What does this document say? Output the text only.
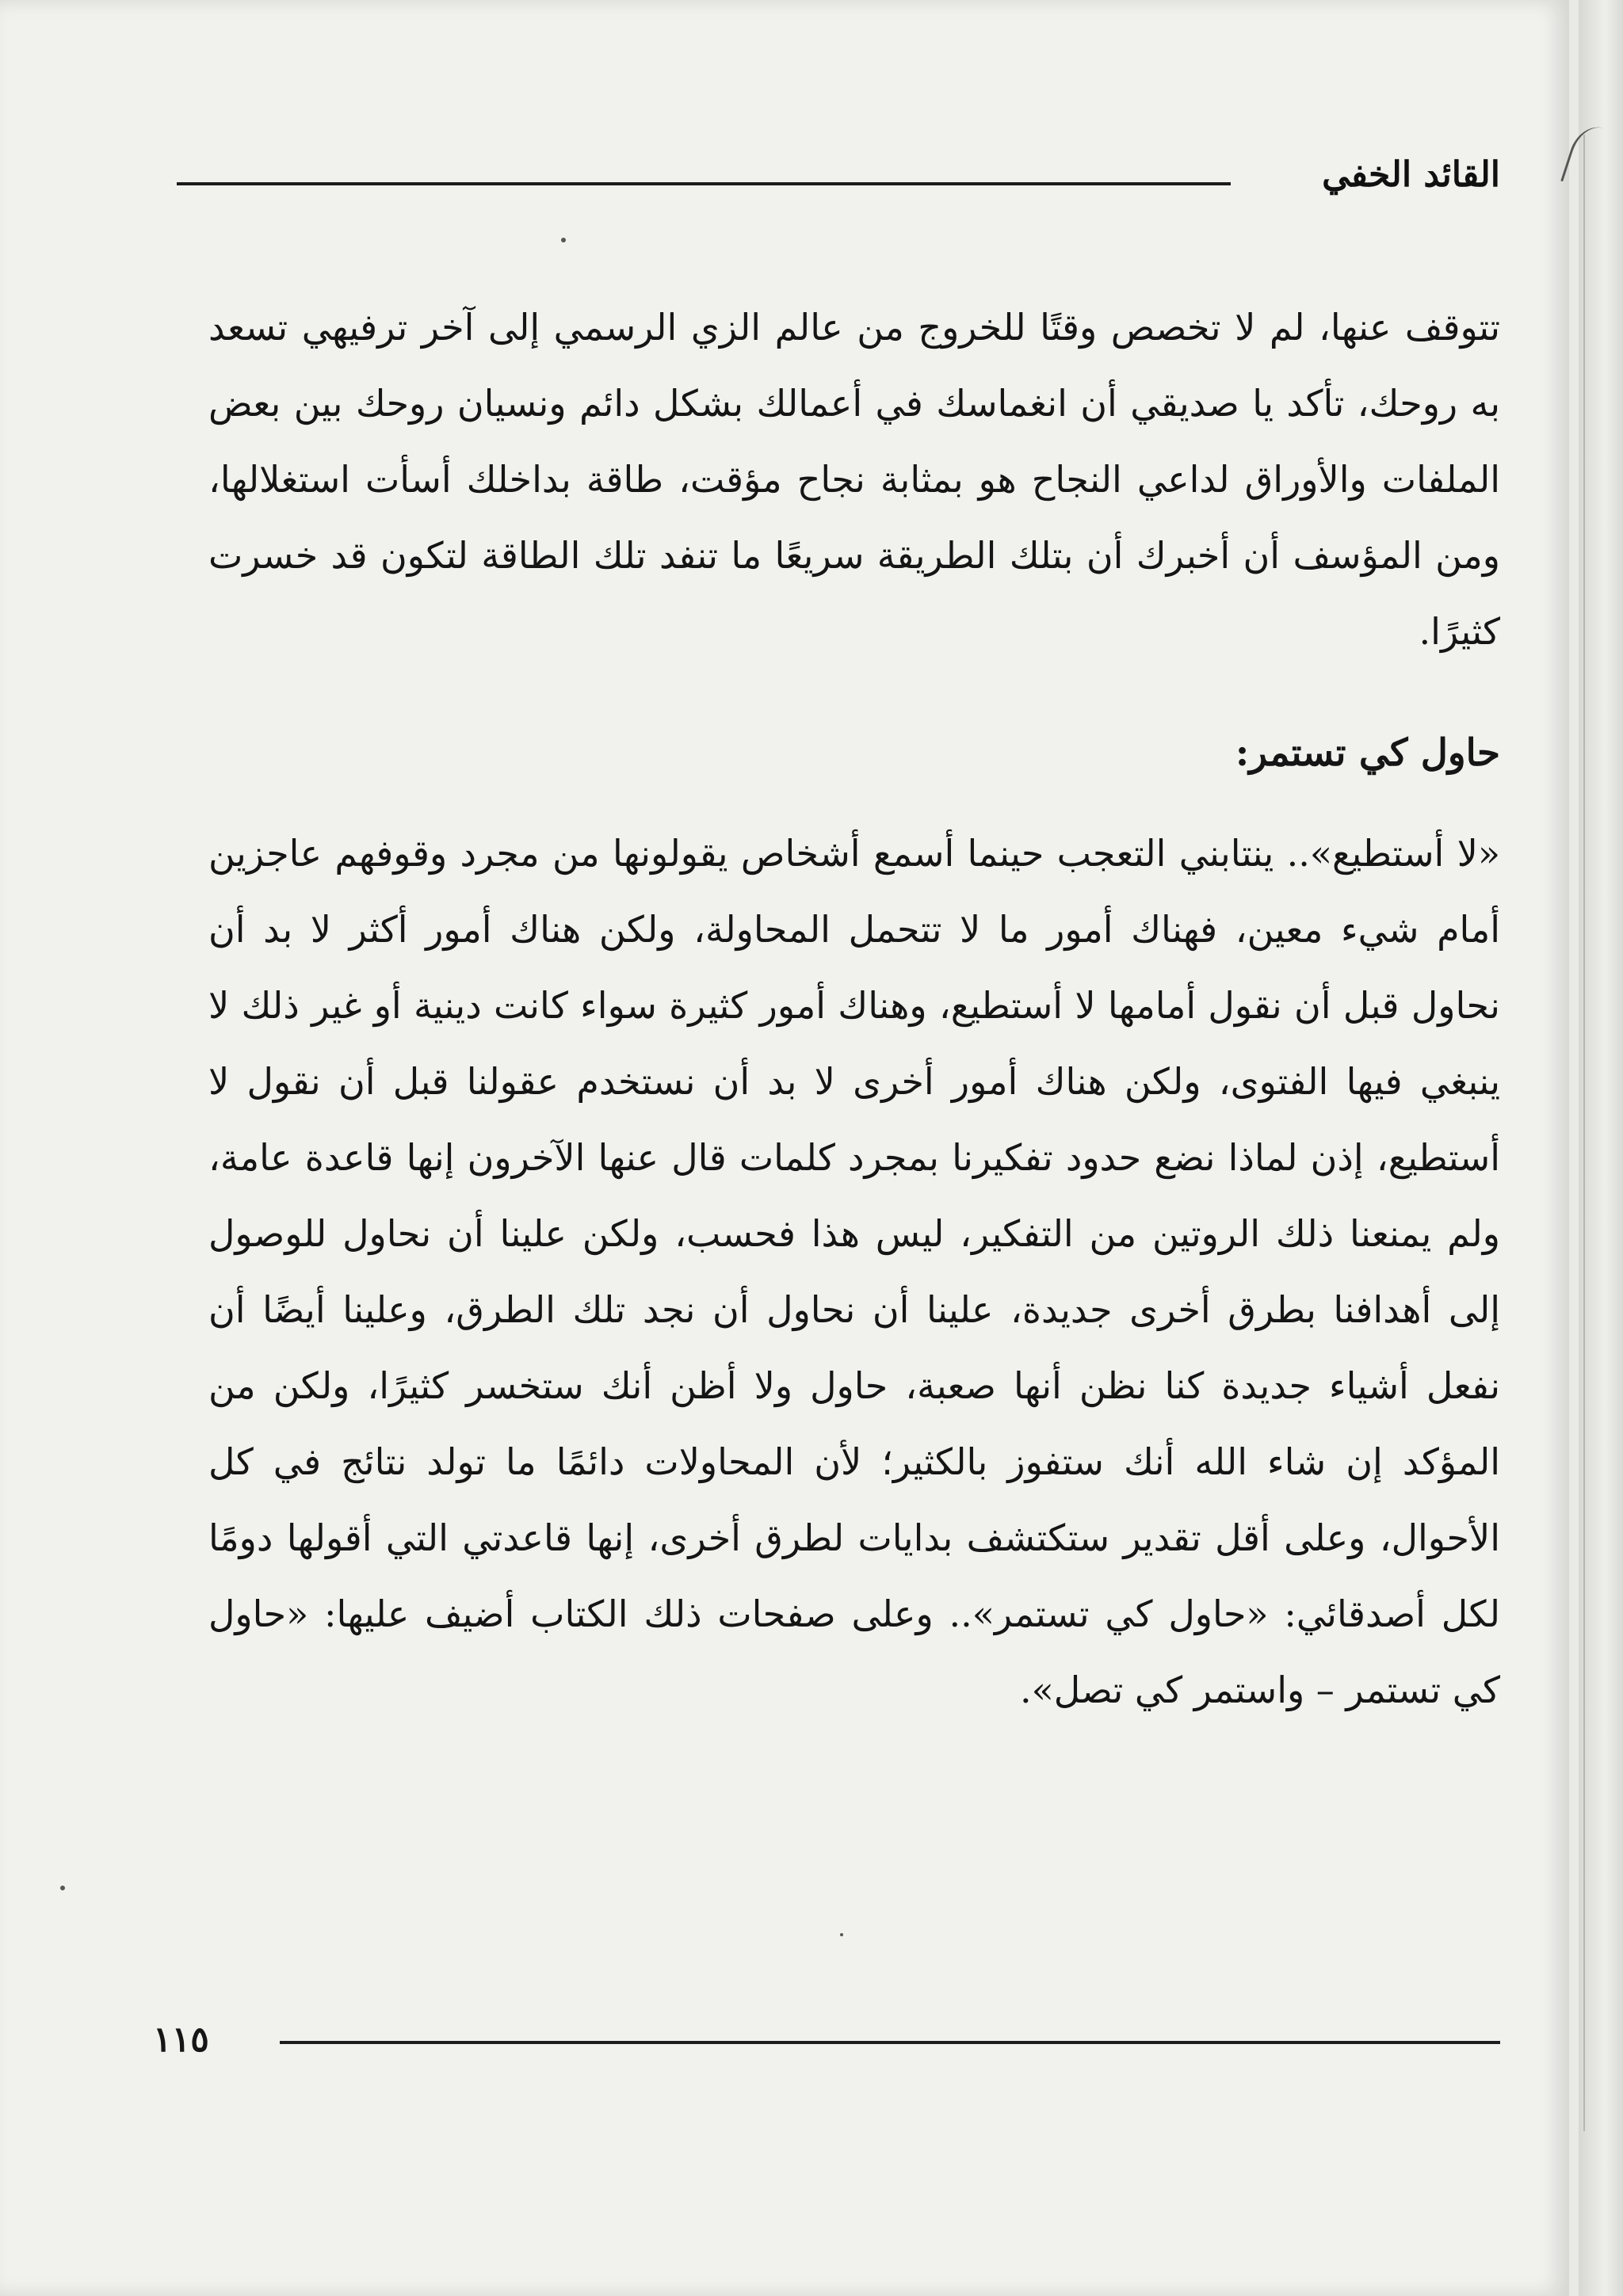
القائد الخفي

تتوقف عنها، لم لا تخصص وقتًا للخروج من عالم الزي الرسمي إلى آخر ترفيهي تسعد به روحك، تأكد يا صديقي أن انغماسك في أعمالك بشكل دائم ونسيان روحك بين بعض الملفات والأوراق لداعي النجاح هو بمثابة نجاح مؤقت، طاقة بداخلك أسأت استغلالها، ومن المؤسف أن أخبرك أن بتلك الطريقة سريعًا ما تنفد تلك الطاقة لتكون قد خسرت كثيرًا.

حاول كي تستمر:

«لا أستطيع».. ينتابني التعجب حينما أسمع أشخاص يقولونها من مجرد وقوفهم عاجزين أمام شيء معين، فهناك أمور ما لا تتحمل المحاولة، ولكن هناك أمور أكثر لا بد أن نحاول قبل أن نقول أمامها لا أستطيع، وهناك أمور كثيرة سواء كانت دينية أو غير ذلك لا ينبغي فيها الفتوى، ولكن هناك أمور أخرى لا بد أن نستخدم عقولنا قبل أن نقول لا أستطيع، إذن لماذا نضع حدود تفكيرنا بمجرد كلمات قال عنها الآخرون إنها قاعدة عامة، ولم يمنعنا ذلك الروتين من التفكير، ليس هذا فحسب، ولكن علينا أن نحاول للوصول إلى أهدافنا بطرق أخرى جديدة، علينا أن نحاول أن نجد تلك الطرق، وعلينا أيضًا أن نفعل أشياء جديدة كنا نظن أنها صعبة، حاول ولا أظن أنك ستخسر كثيرًا، ولكن من المؤكد إن شاء الله أنك ستفوز بالكثير؛ لأن المحاولات دائمًا ما تولد نتائج في كل الأحوال، وعلى أقل تقدير ستكتشف بدايات لطرق أخرى، إنها قاعدتي التي أقولها دومًا لكل أصدقائي: «حاول كي تستمر».. وعلى صفحات ذلك الكتاب أضيف عليها: «حاول كي تستمر – واستمر كي تصل».

١١٥
